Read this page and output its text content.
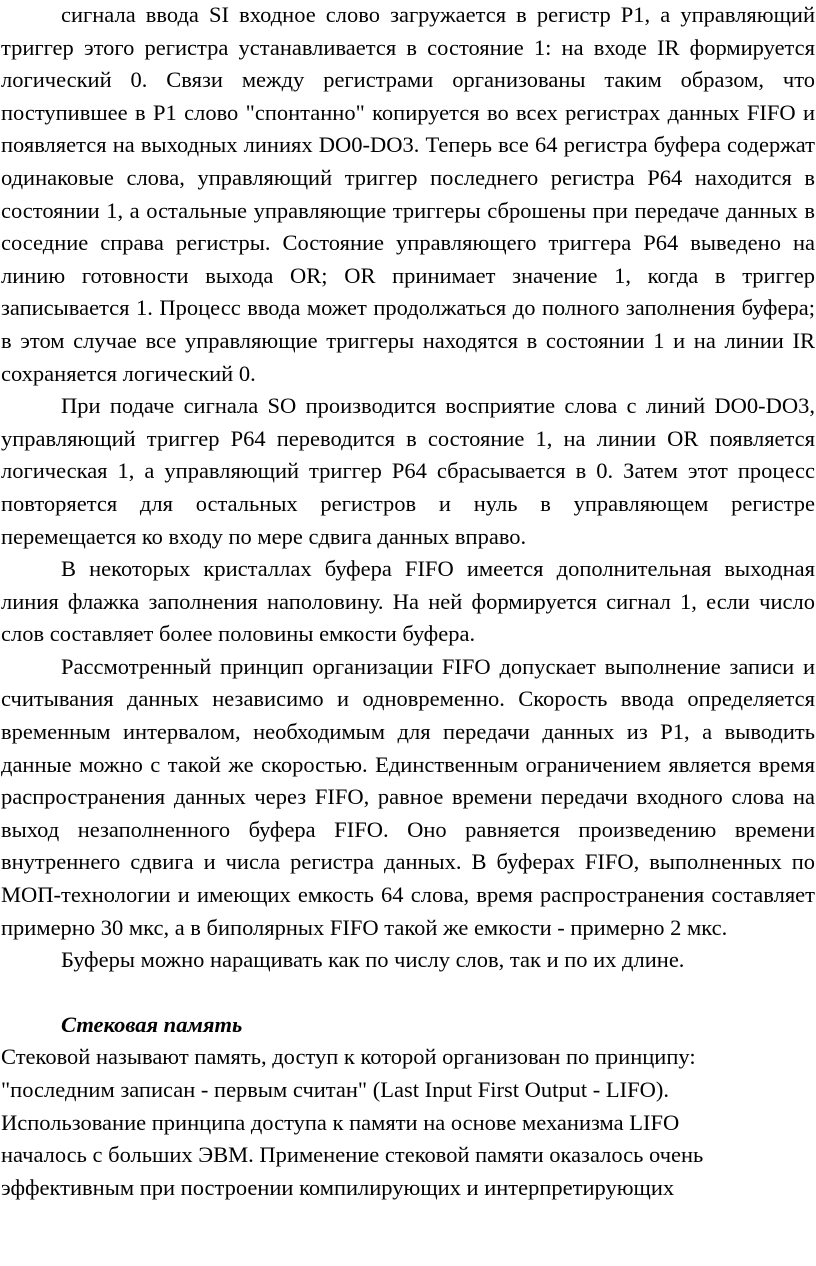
сигнала ввода SI входное слово загружается в регистр P1, а управляющий триггер этого регистра устанавливается в состояние 1: на входе IR формируется логический 0. Связи между регистрами организованы таким образом, что поступившее в P1 слово "спонтанно" копируется во всех регистрах данных FIFO и появляется на выходных линиях DO0-DO3. Теперь все 64 регистра буфера содержат одинаковые слова, управляющий триггер последнего регистра P64 находится в состоянии 1, а остальные управляющие триггеры сброшены при передаче данных в соседние справа регистры. Состояние управляющего триггера P64 выведено на линию готовности выхода OR; OR принимает значение 1, когда в триггер записывается 1. Процесс ввода может продолжаться до полного заполнения буфера; в этом случае все управляющие триггеры находятся в состоянии 1 и на линии IR сохраняется логический 0.

При подаче сигнала SO производится восприятие слова с линий DO0-DO3, управляющий триггер P64 переводится в состояние 1, на линии OR появляется логическая 1, а управляющий триггер P64 сбрасывается в 0. Затем этот процесс повторяется для остальных регистров и нуль в управляющем регистре перемещается ко входу по мере сдвига данных вправо.

В некоторых кристаллах буфера FIFO имеется дополнительная выходная линия флажка заполнения наполовину. На ней формируется сигнал 1, если число слов составляет более половины емкости буфера.

Рассмотренный принцип организации FIFO допускает выполнение записи и считывания данных независимо и одновременно. Скорость ввода определяется временным интервалом, необходимым для передачи данных из P1, а выводить данные можно с такой же скоростью. Единственным ограничением является время распространения данных через FIFO, равное времени передачи входного слова на выход незаполненного буфера FIFO. Оно равняется произведению времени внутреннего сдвига и числа регистра данных. В буферах FIFO, выполненных по МОП-технологии и имеющих емкость 64 слова, время распространения составляет примерно 30 мкс, а в биполярных FIFO такой же емкости - примерно 2 мкс.

Буферы можно наращивать как по числу слов, так и по их длине.

Стековая память

Стековой называют память, доступ к которой организован по принципу:

"последним записан - первым считан" (Last Input First Output - LIFO).

Использование принципа доступа к памяти на основе механизма LIFO

началось с больших ЭВМ. Применение стековой памяти оказалось очень

эффективным при построении компилирующих и интерпретирующих
